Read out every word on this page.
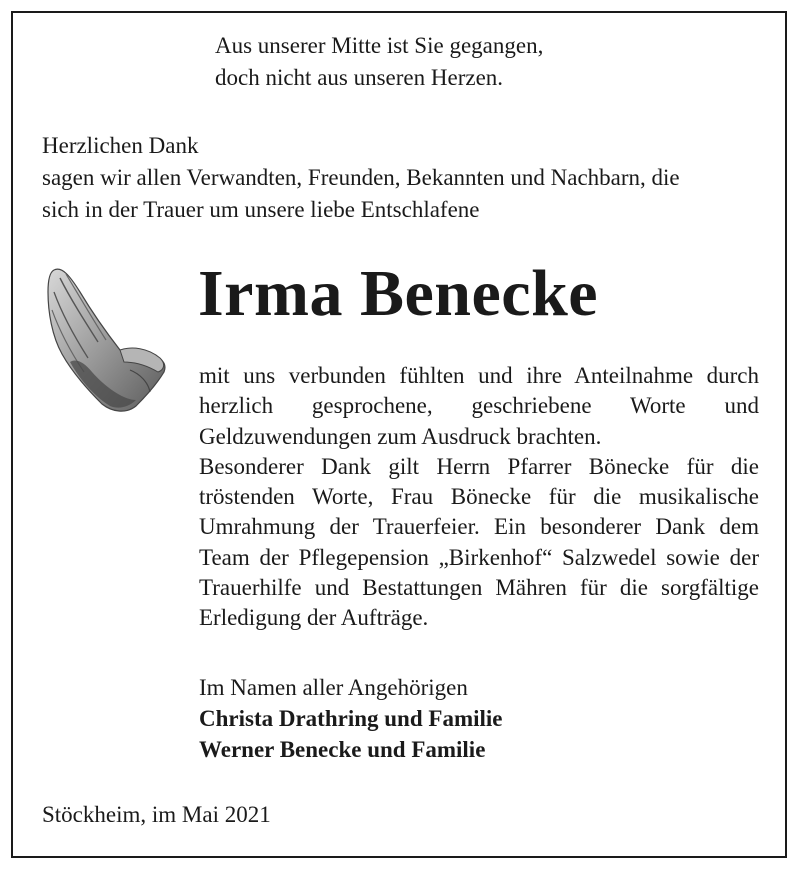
Aus unserer Mitte ist Sie gegangen,
doch nicht aus unseren Herzen.
Herzlichen Dank
sagen wir allen Verwandten, Freunden, Bekannten und Nachbarn, die
sich in der Trauer um unsere liebe Entschlafene
Irma Benecke

mit uns verbunden fühlten und ihre Anteilnahme durch herzlich gesprochene, geschriebene Worte und Geldzuwendungen zum Ausdruck brachten.

Besonderer Dank gilt Herrn Pfarrer Bönecke für die tröstenden Worte, Frau Bönecke für die musikalische Umrahmung der Trauerfeier. Ein besonderer Dank dem Team der Pflegepension „Birkenhof“ Salzwedel sowie der Trauerhilfe und Bestattungen Mähren für die sorgfältige Erledigung der Aufträge.

Im Namen aller Angehörigen
Christa Drathring und Familie
Werner Benecke und Familie
Stöckheim, im Mai 2021
